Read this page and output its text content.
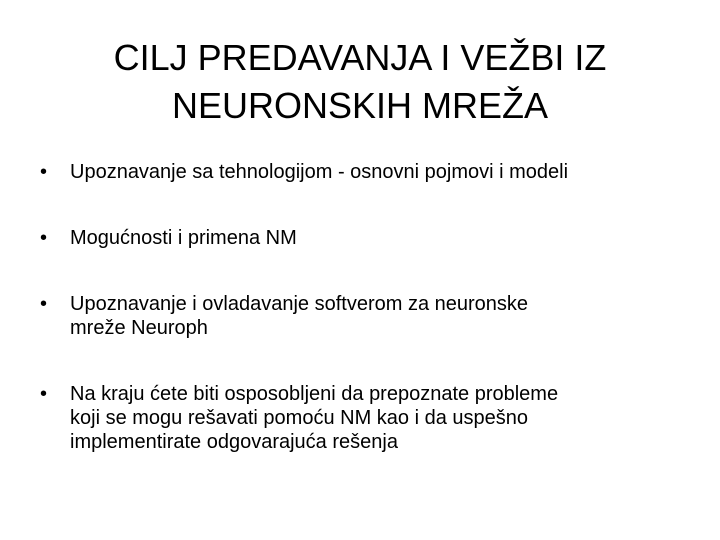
CILJ PREDAVANJA I VEŽBI IZ
NEURONSKIH MREŽA
•	Upoznavanje sa tehnologijom - osnovni pojmovi i modeli
•	Mogućnosti i primena NM
•	Upoznavanje i ovladavanje softverom za neuronske
mreže Neuroph
•	Na kraju ćete biti osposobljeni da prepoznate probleme
koji se mogu rešavati pomoću NM kao i da uspešno
implementirate odgovarajuća rešenja
